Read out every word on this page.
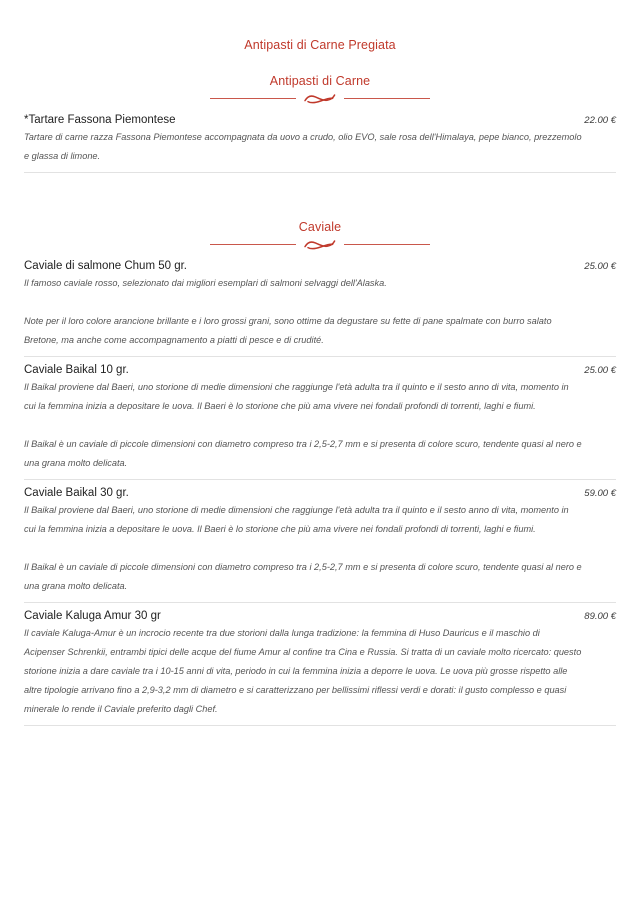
Antipasti di Carne Pregiata
Antipasti di Carne
*Tartare Fassona Piemontese	22.00 €

Tartare di carne razza Fassona Piemontese accompagnata da uovo a crudo, olio EVO, sale rosa dell'Himalaya, pepe bianco, prezzemolo e glassa di limone.

Caviale
Caviale di salmone Chum 50 gr.	25.00 €

Il famoso caviale rosso, selezionato dai migliori esemplari di salmoni selvaggi dell'Alaska.

Note per il loro colore arancione brillante e i loro grossi grani, sono ottime da degustare su fette di pane spalmate con burro salato Bretone, ma anche come accompagnamento a piatti di pesce e di crudité.

Caviale Baikal 10 gr.	25.00 €

Il Baikal proviene dal Baeri, uno storione di medie dimensioni che raggiunge l'età adulta tra il quinto e il sesto anno di vita, momento in cui la femmina inizia a depositare le uova. Il Baeri è lo storione che più ama vivere nei fondali profondi di torrenti, laghi e fiumi.

Il Baikal è un caviale di piccole dimensioni con diametro compreso tra i 2,5-2,7 mm e si presenta di colore scuro, tendente quasi al nero e una grana molto delicata.

Caviale Baikal 30 gr.	59.00 €

Il Baikal proviene dal Baeri, uno storione di medie dimensioni che raggiunge l'età adulta tra il quinto e il sesto anno di vita, momento in cui la femmina inizia a depositare le uova. Il Baeri è lo storione che più ama vivere nei fondali profondi di torrenti, laghi e fiumi.

Il Baikal è un caviale di piccole dimensioni con diametro compreso tra i 2,5-2,7 mm e si presenta di colore scuro, tendente quasi al nero e una grana molto delicata.

Caviale Kaluga Amur 30 gr	89.00 €

Il caviale Kaluga-Amur è un incrocio recente tra due storioni dalla lunga tradizione: la femmina di Huso Dauricus e il maschio di Acipenser Schrenkii, entrambi tipici delle acque del fiume Amur al confine tra Cina e Russia. Si tratta di un caviale molto ricercato: questo storione inizia a dare caviale tra i 10-15 anni di vita, periodo in cui la femmina inizia a deporre le uova. Le uova più grosse rispetto alle altre tipologie arrivano fino a 2,9-3,2 mm di diametro e si caratterizzano per bellissimi riflessi verdi e dorati: il gusto complesso e quasi minerale lo rende il Caviale preferito dagli Chef.
